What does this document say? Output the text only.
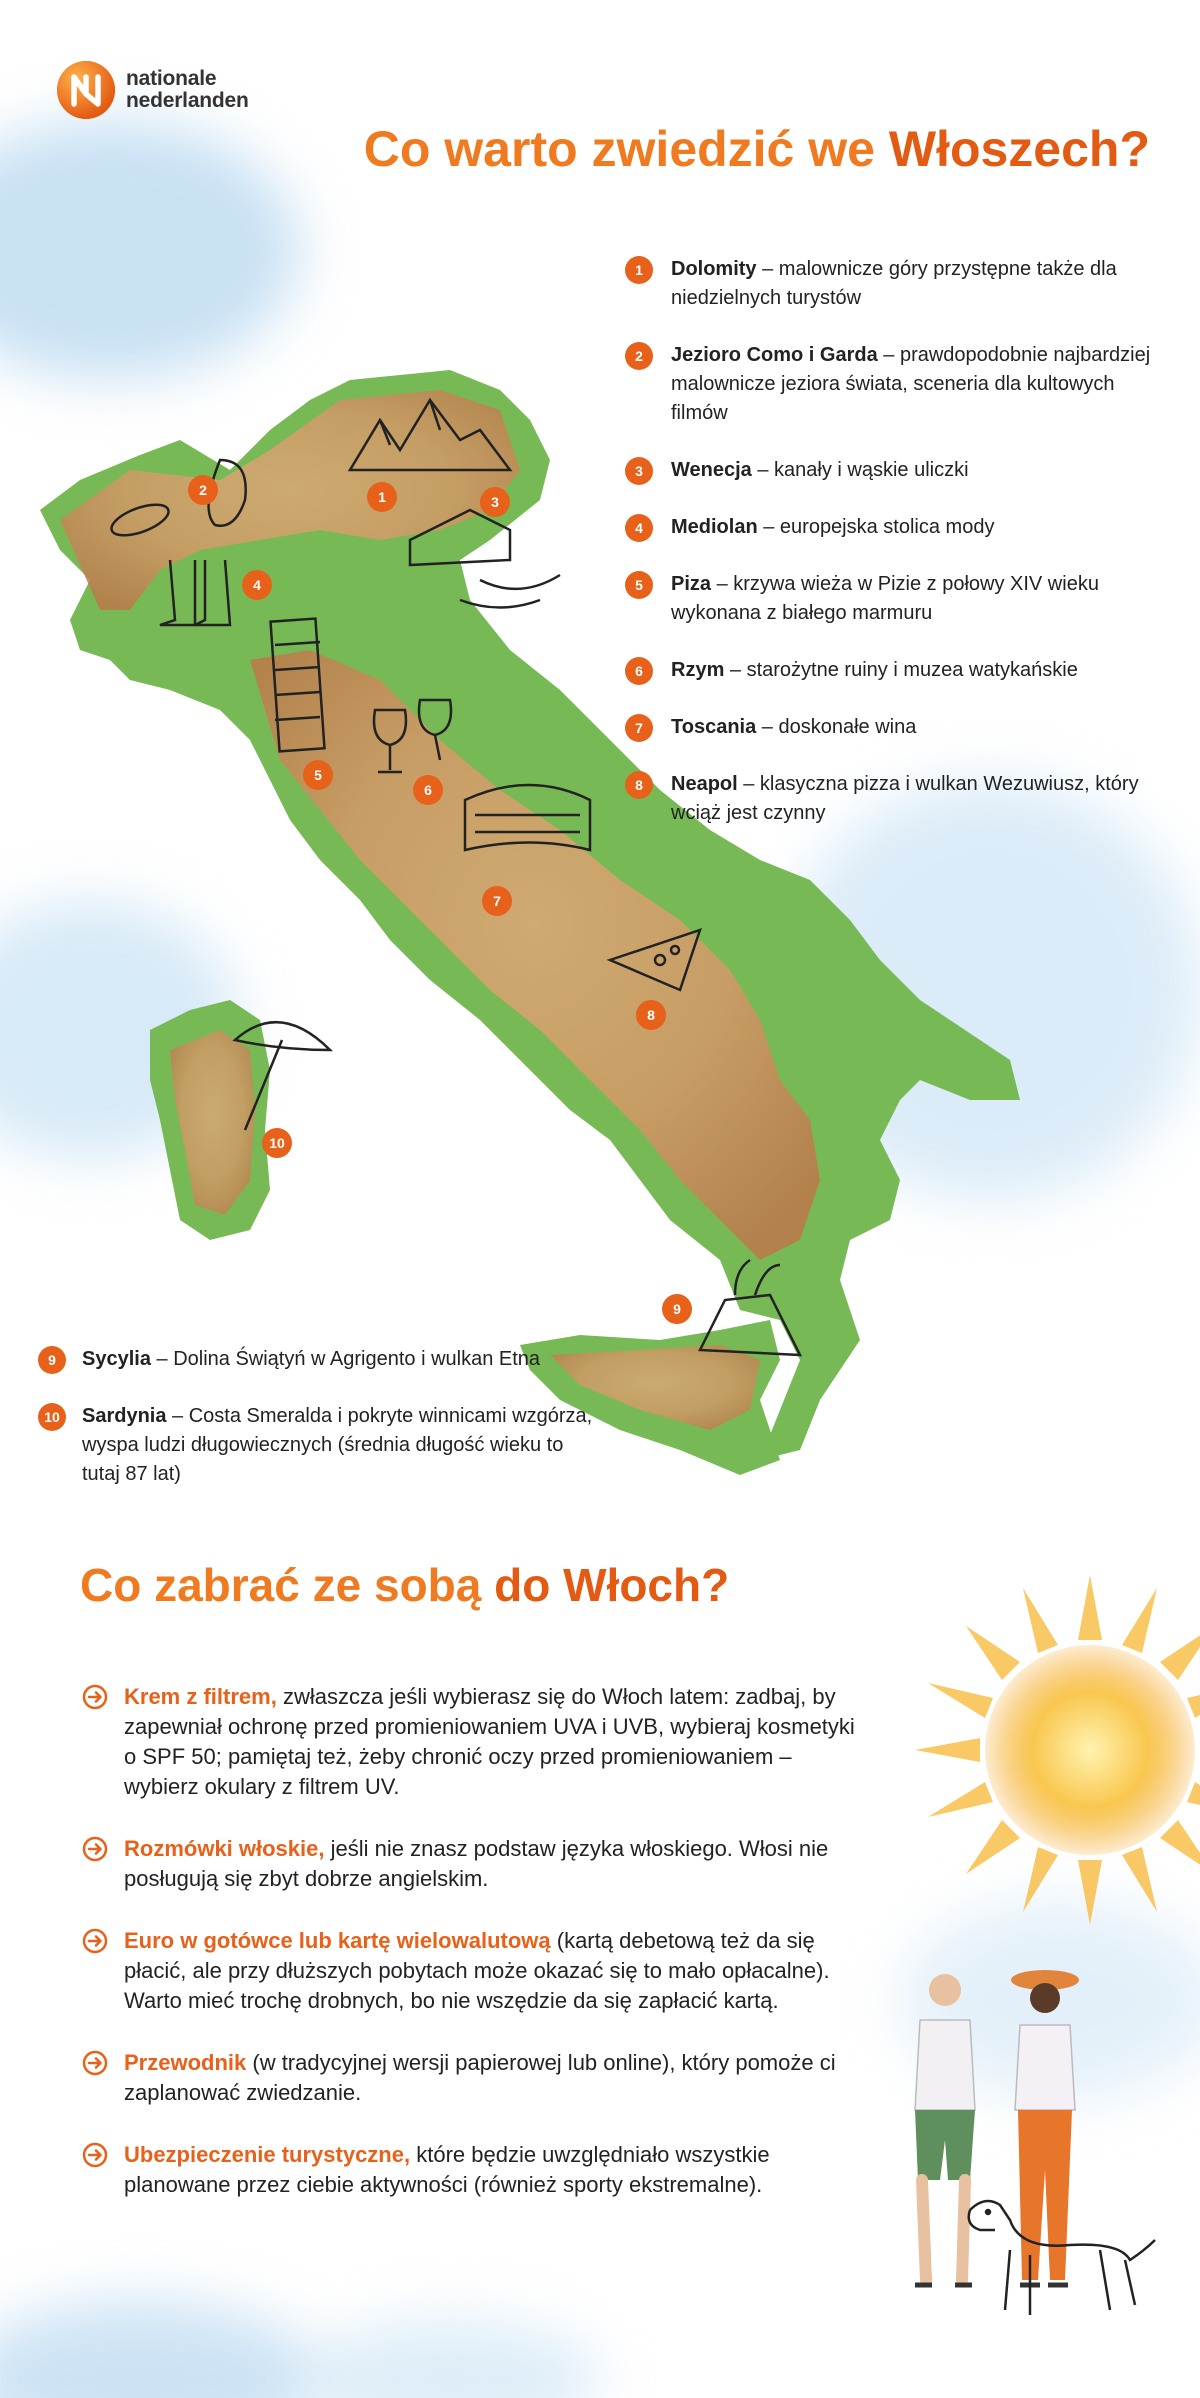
nationale
nederlanden
Co warto zwiedzić we Włoszech?
1
2
3
4
5
6
7
8
9
10
1	Dolomity – malownicze góry przystępne także dla niedzielnych turystów
2	Jezioro Como i Garda – prawdopodobnie najbardziej malownicze jeziora świata, sceneria dla kultowych filmów
3	Wenecja – kanały i wąskie uliczki
4	Mediolan – europejska stolica mody
5	Piza – krzywa wieża w Pizie z połowy XIV wieku wykonana z białego marmuru
6	Rzym – starożytne ruiny i muzea watykańskie
7	Toscania – doskonałe wina
8	Neapol – klasyczna pizza i wulkan Wezuwiusz, który wciąż jest czynny
9	Sycylia – Dolina Świątyń w Agrigento i wulkan Etna
10	Sardynia – Costa Smeralda i pokryte winnicami wzgórza, wyspa ludzi długowiecznych (średnia długość wieku to tutaj 87 lat)
Co zabrać ze sobą do Włoch?
Krem z filtrem, zwłaszcza jeśli wybierasz się do Włoch latem: zadbaj, by zapewniał ochronę przed promieniowaniem UVA i UVB, wybieraj kosmetyki o SPF 50; pamiętaj też, żeby chronić oczy przed promieniowaniem – wybierz okulary z filtrem UV.
Rozmówki włoskie, jeśli nie znasz podstaw języka włoskiego. Włosi nie posługują się zbyt dobrze angielskim.
Euro w gotówce lub kartę wielowalutową (kartą debetową też da się płacić, ale przy dłuższych pobytach może okazać się to mało opłacalne). Warto mieć trochę drobnych, bo nie wszędzie da się zapłacić kartą.
Przewodnik (w tradycyjnej wersji papierowej lub online), który pomoże ci zaplanować zwiedzanie.
Ubezpieczenie turystyczne, które będzie uwzględniało wszystkie planowane przez ciebie aktywności (również sporty ekstremalne).
